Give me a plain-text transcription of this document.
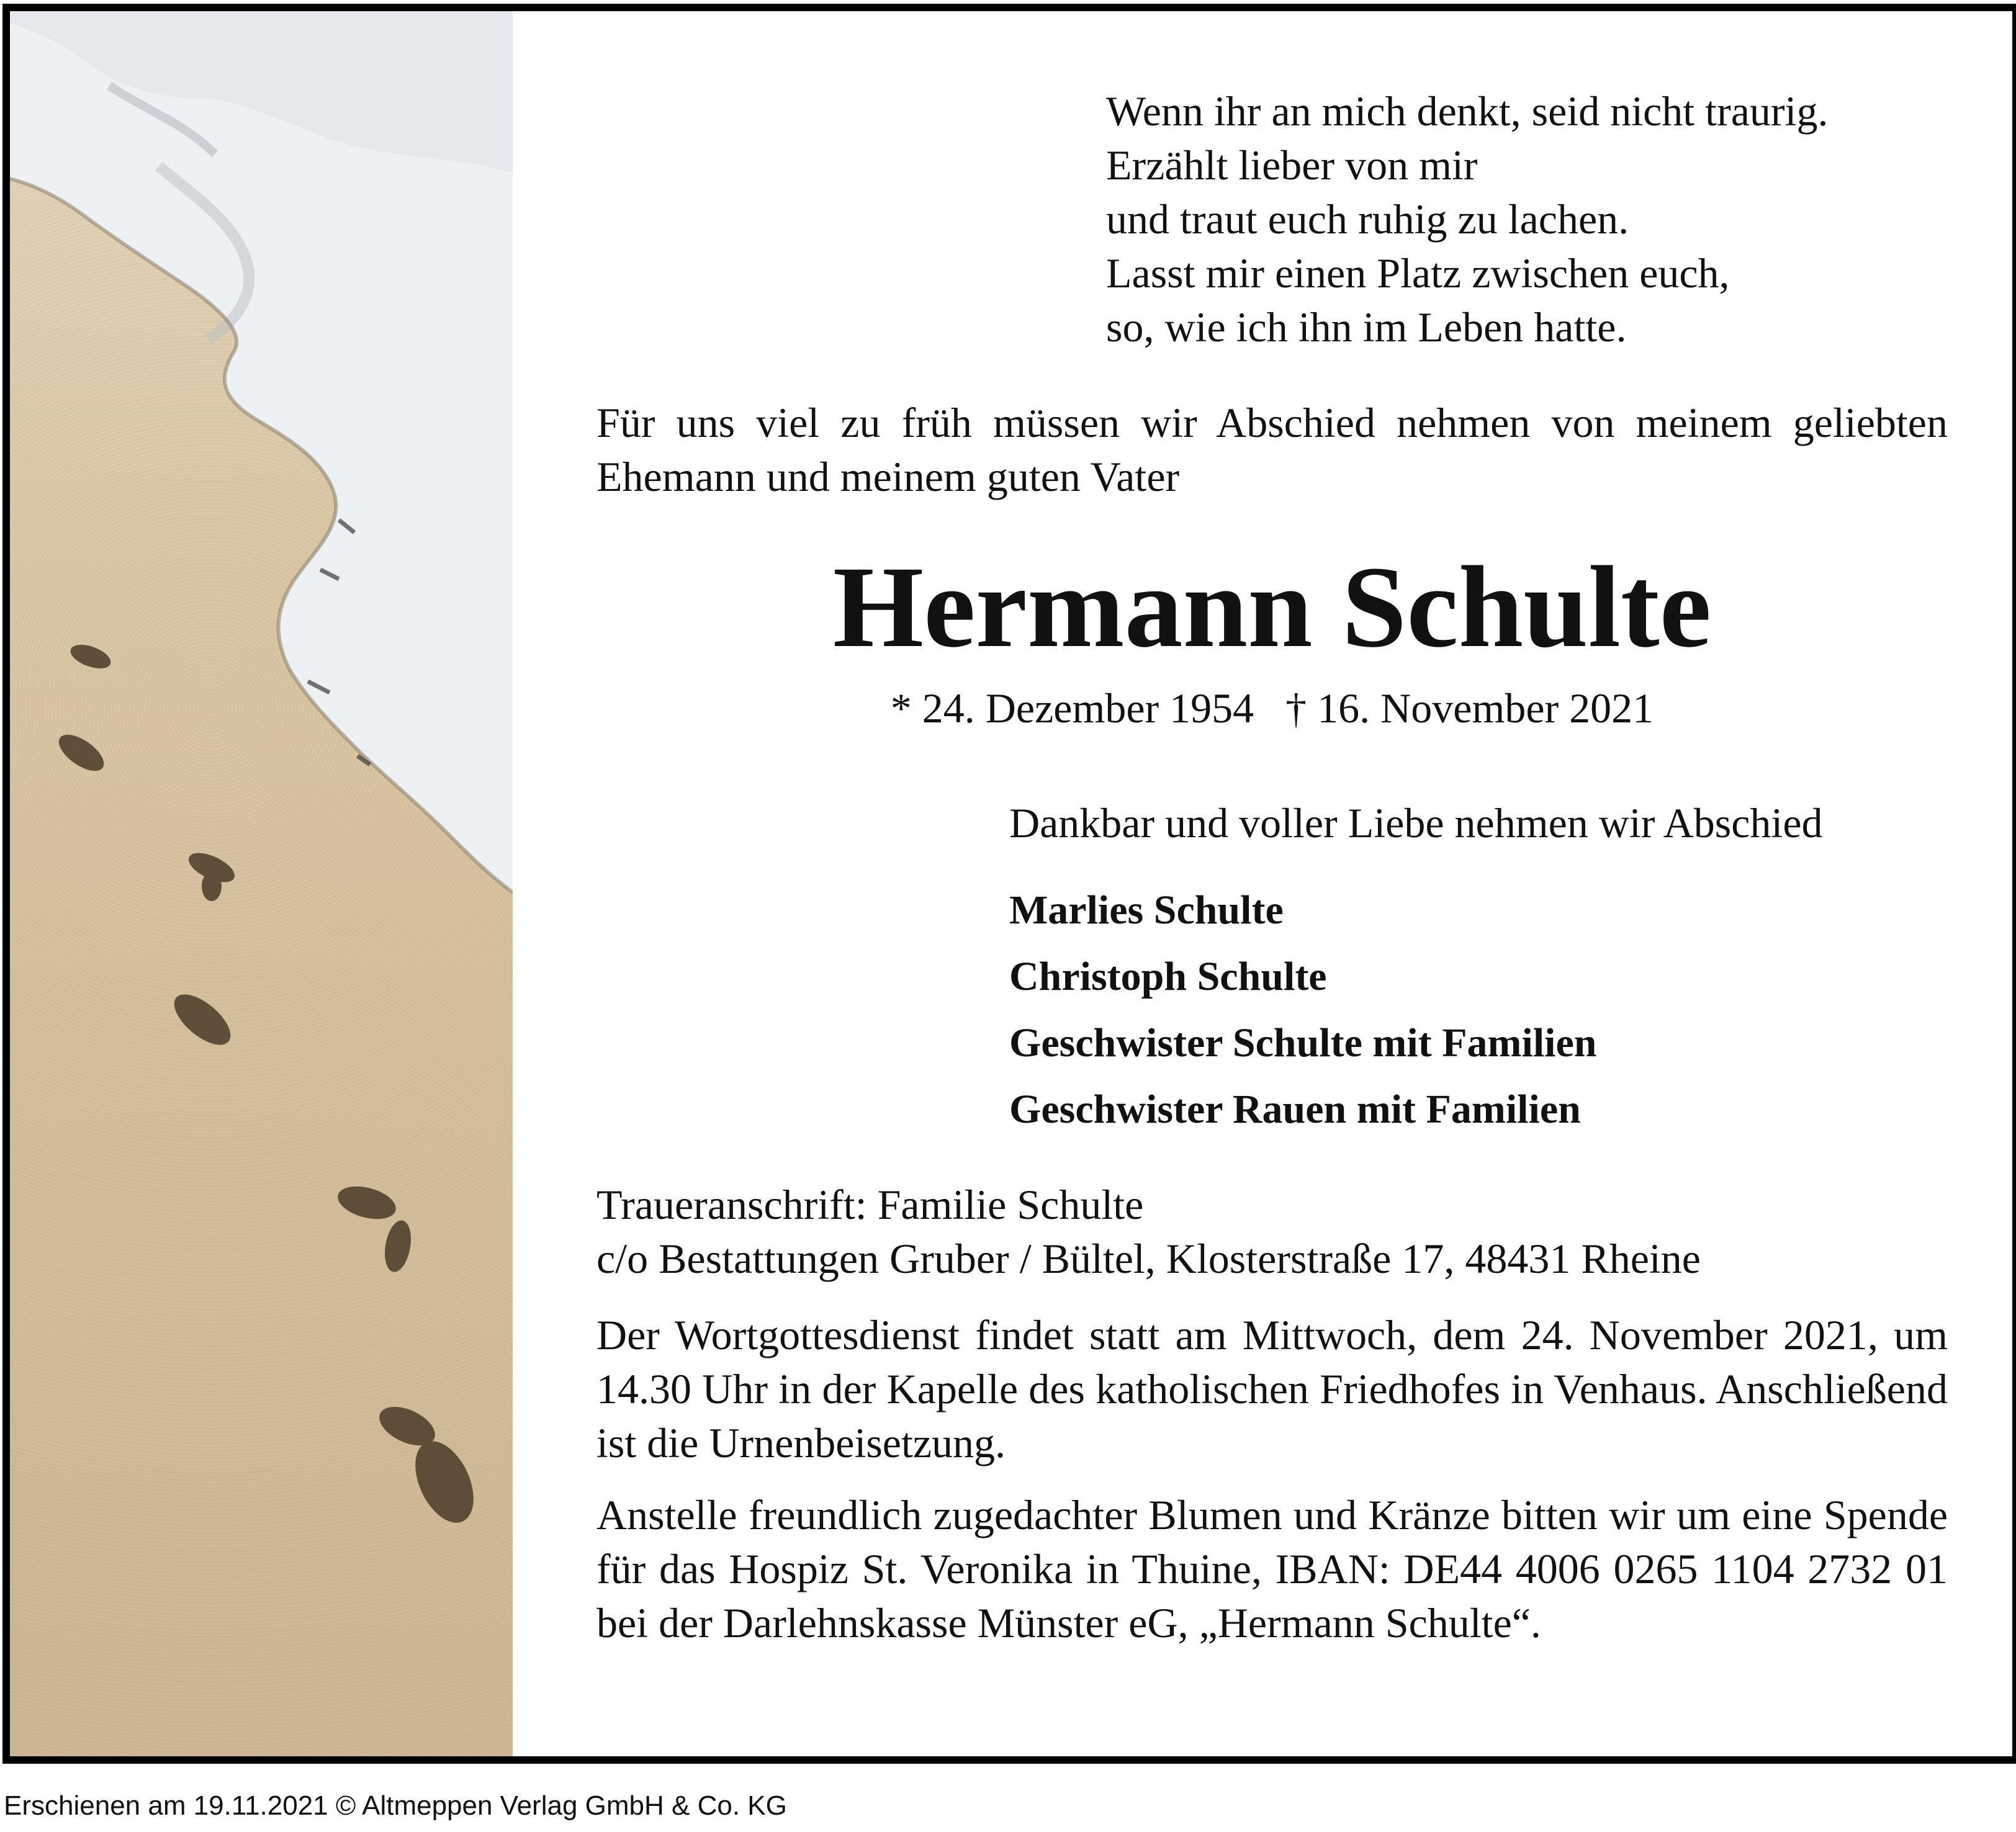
Wenn ihr an mich denkt, seid nicht traurig.
Erzählt lieber von mir
und traut euch ruhig zu lachen.
Lasst mir einen Platz zwischen euch,
so, wie ich ihn im Leben hatte.
Für uns viel zu früh müssen wir Abschied nehmen von meinem geliebten Ehemann und meinem guten Vater
Hermann Schulte
* 24. Dezember 1954 † 16. November 2021
Dankbar und voller Liebe nehmen wir Abschied
Marlies Schulte
Christoph Schulte
Geschwister Schulte mit Familien
Geschwister Rauen mit Familien
Traueranschrift: Familie Schulte
c/o Bestattungen Gruber / Bültel, Klosterstraße 17, 48431 Rheine
Der Wortgottesdienst findet statt am Mittwoch, dem 24. November 2021, um 14.30 Uhr in der Kapelle des katholischen Friedhofes in Venhaus. Anschließend ist die Urnenbeisetzung.
Anstelle freundlich zugedachter Blumen und Kränze bitten wir um eine Spende für das Hospiz St. Veronika in Thuine, IBAN: DE44 4006 0265 1104 2732 01 bei der Darlehnskasse Münster eG, „Hermann Schulte“.
Erschienen am 19.11.2021 © Altmeppen Verlag GmbH & Co. KG
